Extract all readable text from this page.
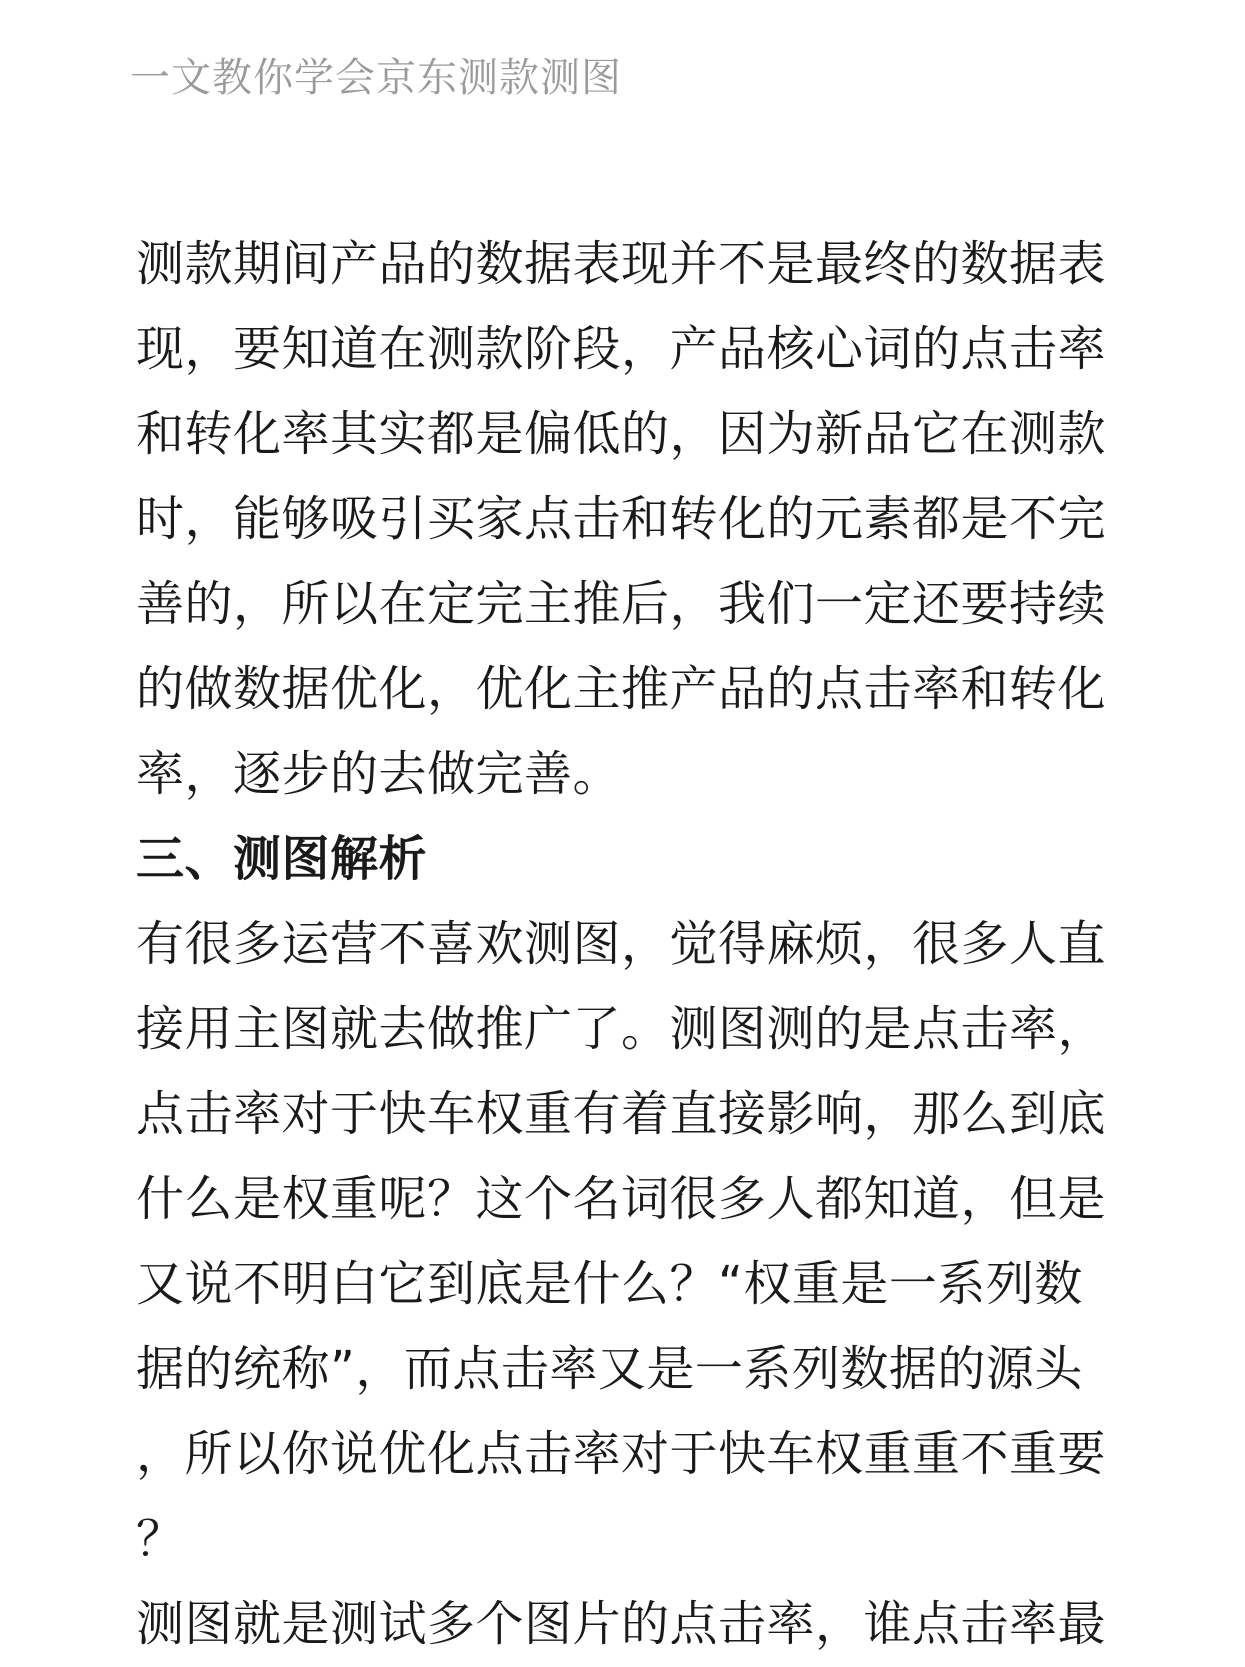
一文教你学会京东测款测图
测款期间产品的数据表现并不是最终的数据表
现，要知道在测款阶段，产品核心词的点击率
和转化率其实都是偏低的，因为新品它在测款
时，能够吸引买家点击和转化的元素都是不完
善的，所以在定完主推后，我们一定还要持续
的做数据优化，优化主推产品的点击率和转化
率，逐步的去做完善。
三、测图解析
有很多运营不喜欢测图，觉得麻烦，很多人直
接用主图就去做推广了。测图测的是点击率，
点击率对于快车权重有着直接影响，那么到底
什么是权重呢？这个名词很多人都知道，但是
又说不明白它到底是什么？“权重是一系列数
据的统称”，而点击率又是一系列数据的源头
，所以你说优化点击率对于快车权重重不重要
？
测图就是测试多个图片的点击率，谁点击率最
